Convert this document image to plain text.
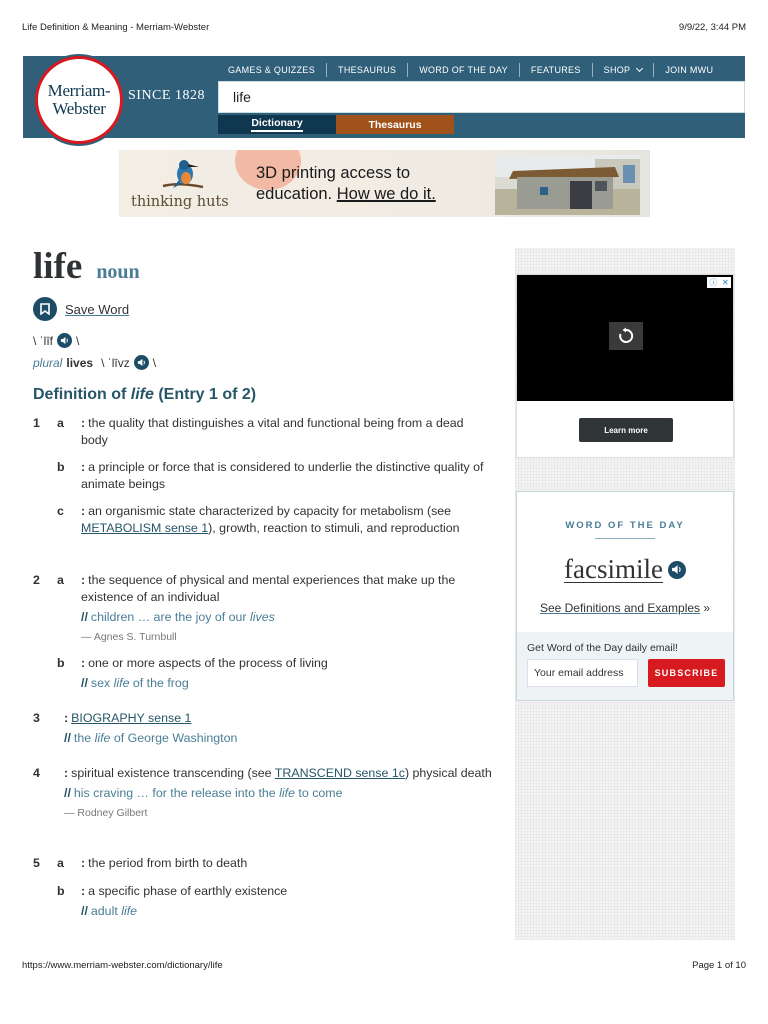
Life Definition & Meaning - Merriam-Webster	9/9/22, 3:44 PM
Merriam-
Webster
SINCE 1828
GAMES & QUIZZES	THESAURUS	WORD OF THE DAY	FEATURES	SHOP	JOIN MWU
life
Dictionary	Thesaurus
thinking huts
3D printing access to
education. How we do it.
life noun
Save Word
\ ˈlīf \
plural lives \ ˈlīvz \
Definition of life (Entry 1 of 2)
1 a : the quality that distinguishes a vital and functional being from a dead body
b : a principle or force that is considered to underlie the distinctive quality of animate beings
c : an organismic state characterized by capacity for metabolism (see METABOLISM sense 1), growth, reaction to stimuli, and reproduction
2 a : the sequence of physical and mental experiences that make up the existence of an individual
// children … are the joy of our lives
— Agnes S. Turnbull
b : one or more aspects of the process of living
// sex life of the frog
3 : BIOGRAPHY sense 1
// the life of George Washington
4 : spiritual existence transcending (see TRANSCEND sense 1c) physical death
// his craving … for the release into the life to come
— Rodney Gilbert
5 a : the period from birth to death
b : a specific phase of earthly existence
// adult life
ⓘ ✕
Learn more
WORD OF THE DAY
facsimile
See Definitions and Examples »
Get Word of the Day daily email!
Your email address	SUBSCRIBE
https://www.merriam-webster.com/dictionary/life	Page 1 of 10
